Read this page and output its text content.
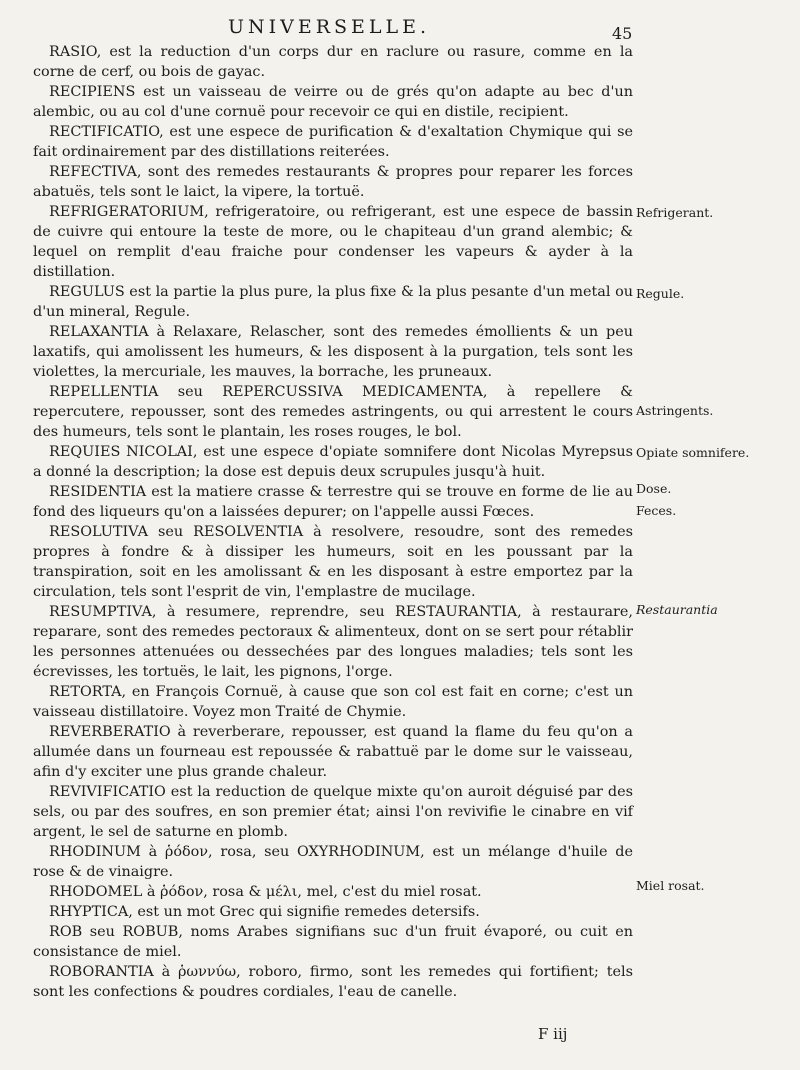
UNIVERSELLE.	45

RASIO, est la reduction d'un corps dur en raclure ou rasure, comme en la corne de cerf, ou bois de gayac.

RECIPIENS est un vaisseau de veirre ou de grés qu'on adapte au bec d'un alembic, ou au col d'une cornuë pour recevoir ce qui en distile, recipient.

RECTIFICATIO, est une espece de purification & d'exaltation Chymique qui se fait ordinairement par des distillations reiterées.

REFECTIVA, sont des remedes restaurants & propres pour reparer les forces abatuës, tels sont le laict, la vipere, la tortuë.

REFRIGERATORIUM, refrigeratoire, ou refrigerant, est une espece de bassin de cuivre qui entoure la teste de more, ou le chapiteau d'un grand alembic; & lequel on remplit d'eau fraiche pour condenser les vapeurs & ayder à la distillation.

REGULUS est la partie la plus pure, la plus fixe & la plus pesante d'un metal ou d'un mineral, Regule.

RELAXANTIA à Relaxare, Relascher, sont des remedes émollients & un peu laxatifs, qui amolissent les humeurs, & les disposent à la purgation, tels sont les violettes, la mercuriale, les mauves, la borrache, les pruneaux.

REPELLENTIA seu REPERCUSSIVA MEDICAMENTA, à repellere & repercutere, repousser, sont des remedes astringents, ou qui arrestent le cours des humeurs, tels sont le plantain, les roses rouges, le bol.

REQUIES NICOLAI, est une espece d'opiate somnifere dont Nicolas Myrepsus a donné la description; la dose est depuis deux scrupules jusqu'à huit.

RESIDENTIA est la matiere crasse & terrestre qui se trouve en forme de lie au fond des liqueurs qu'on a laissées depurer; on l'appelle aussi Fœces.

RESOLUTIVA seu RESOLVENTIA à resolvere, resoudre, sont des remedes propres à fondre & à dissiper les humeurs, soit en les poussant par la transpiration, soit en les amolissant & en les disposant à estre emportez par la circulation, tels sont l'esprit de vin, l'emplastre de mucilage.

RESUMPTIVA, à resumere, reprendre, seu RESTAURANTIA, à restaurare, reparare, sont des remedes pectoraux & alimenteux, dont on se sert pour rétablir les personnes attenuées ou dessechées par des longues maladies; tels sont les écrevisses, les tortuës, le lait, les pignons, l'orge.

RETORTA, en François Cornuë, à cause que son col est fait en corne; c'est un vaisseau distillatoire. Voyez mon Traité de Chymie.

REVERBERATIO à reverberare, repousser, est quand la flame du feu qu'on a allumée dans un fourneau est repoussée & rabattuë par le dome sur le vaisseau, afin d'y exciter une plus grande chaleur.

REVIVIFICATIO est la reduction de quelque mixte qu'on auroit déguisé par des sels, ou par des soufres, en son premier état; ainsi l'on revivifie le cinabre en vif argent, le sel de saturne en plomb.

RHODINUM à ῥόδον, rosa, seu OXYRHODINUM, est un mélange d'huile de rose & de vinaigre.

RHODOMEL à ῥόδον, rosa & μέλι, mel, c'est du miel rosat.

RHYPTICA, est un mot Grec qui signifie remedes detersifs.

ROB seu ROBUB, noms Arabes signifians suc d'un fruit évaporé, ou cuit en consistance de miel.

ROBORANTIA à ῥωννύω, roboro, firmo, sont les remedes qui fortifient; tels sont les confections & poudres cordiales, l'eau de canelle.

Refrigerant.
Regule.
Astringents.
Opiate somnifere.
Dose.
Feces.
Restaurantia
Miel rosat.
F iij
